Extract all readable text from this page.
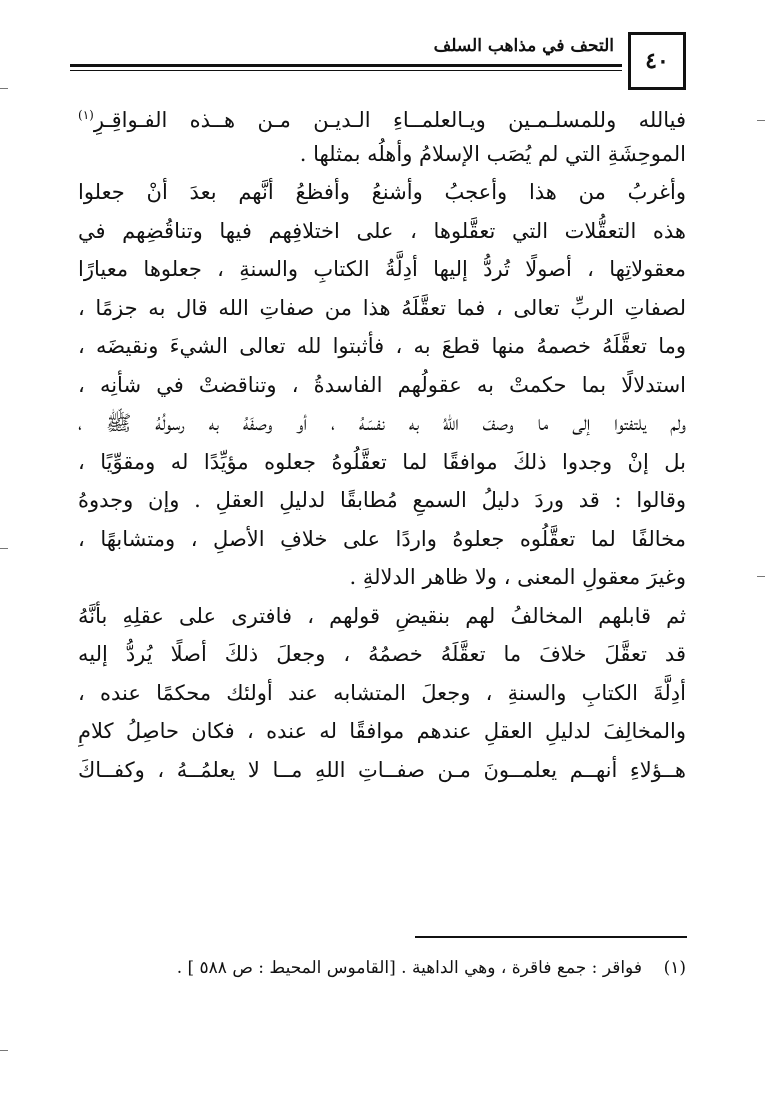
٤٠
التحف في مذاهب السلف
فيالله وللمسلـمـين ويـالعلمــاءِ الـديـن مـن هــذه الفـواقِـرِ$^{(١)}$
الموحِشَةِ التي لم يُصَب الإسلامُ وأهلُه بمثلها .
وأغربُ من هذا وأعجبُ وأشنعُ وأفظعُ أنَّهم بعدَ أنْ جعلوا
هذه التعقُّلات التي تعقَّلوها ، على اختلافِهم فيها وتناقُضِهم في
معقولاتِها ، أصولًا تُردُّ إليها أدِلَّةُ الكتابِ والسنةِ ، جعلوها معيارًا
لصفاتِ الربِّ تعالى ، فما تعقَّلَهُ هذا من صفاتِ الله قال به جزمًا ،
وما تعقَّلَهُ خصمهُ منها قطعَ به ، فأثبتوا لله تعالى الشيءَ ونقيضَه ،
استدلالًا بما حكمتْ به عقولُهم الفاسدةُ ، وتناقضتْ في شأنِه ،
ولم يلتفتوا إلى ما وصفَ اللهُ به نفسَهُ ، أو وصفَهُ به رسولُهُ ﷺ ،
بل إنْ وجدوا ذلكَ موافقًا لما تعقَّلُوهُ جعلوه مؤيِّدًا له ومقوِّيًا ،
وقالوا : قد وردَ دليلُ السمعِ مُطابقًا لدليلِ العقلِ . وإن وجدوهُ
مخالفًا لما تعقَّلُوه جعلوهُ واردًا على خلافِ الأصلِ ، ومتشابهًا ،
وغيرَ معقولِ المعنى ، ولا ظاهر الدلالةِ .
ثم قابلهم المخالفُ لهم بنقيضِ قولهم ، فافترى على عقلِهِ بأنَّهُ
قد تعقَّلَ خلافَ ما تعقَّلَهُ خصمُهُ ، وجعلَ ذلكَ أصلًا يُردُّ إليه
أدِلَّةَ الكتابِ والسنةِ ، وجعلَ المتشابه عند أولئك محكمًا عنده ،
والمخالِفَ لدليلِ العقلِ عندهم موافقًا له عنده ، فكان حاصِلُ كلامِ
هــؤلاءِ أنهــم يعلمــونَ مـن صفــاتِ اللهِ مــا لا يعلمُــهُ ، وكفــاكَ
(١)    فواقر : جمع فاقرة ، وهي الداهية . [القاموس المحيط : ص ٥٨٨ ] .
